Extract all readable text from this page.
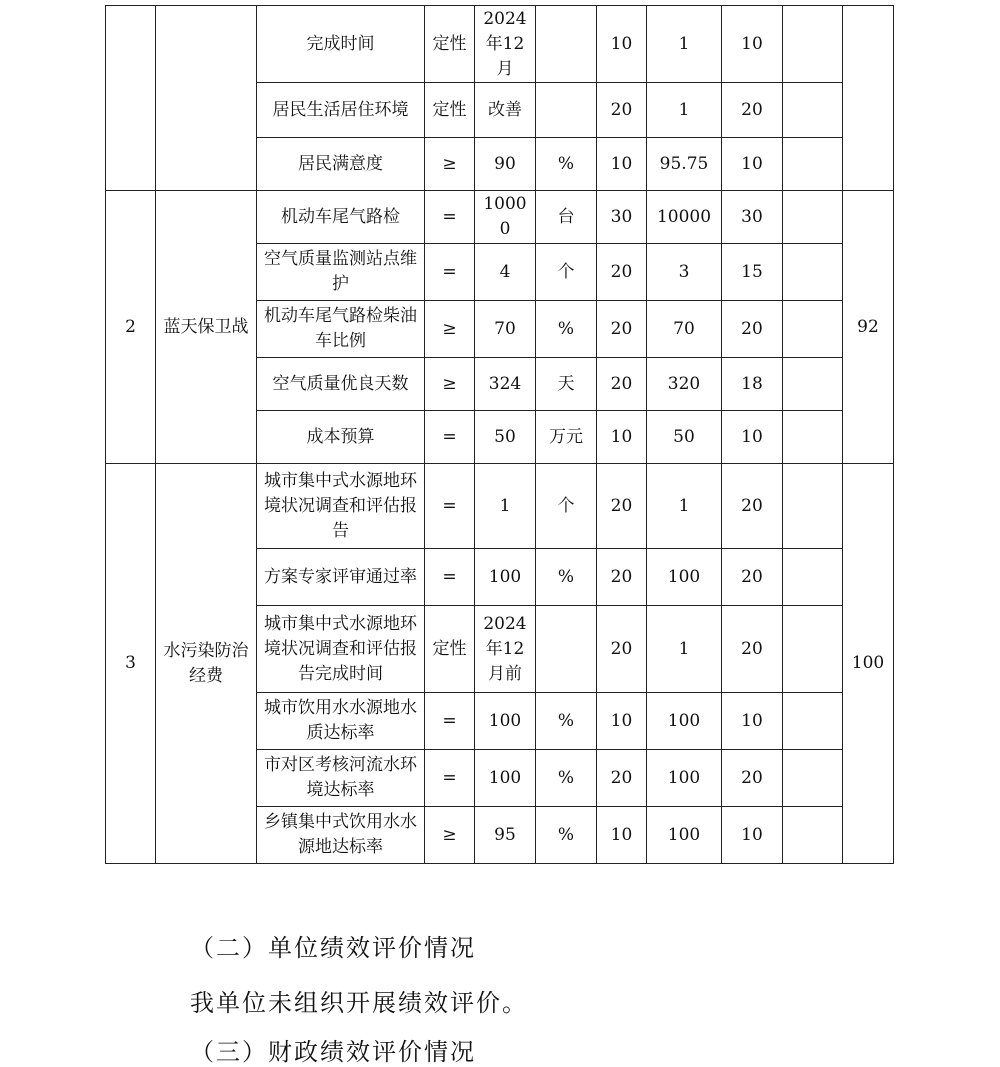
		完成时间	定性	2024年12月		10	1	10		
		居民生活居住环境	定性	改善		20	1	20		
		居民满意度	≥	90	%	10	95.75	10		
2	蓝天保卫战	机动车尾气路检	=	10000	台	30	10000	30		92
		空气质量监测站点维护	=	4	个	20	3	15		
		机动车尾气路检柴油车比例	≥	70	%	20	70	20		
		空气质量优良天数	≥	324	天	20	320	18		
		成本预算	=	50	万元	10	50	10		
3	水污染防治经费	城市集中式水源地环境状况调查和评估报告	=	1	个	20	1	20		100
		方案专家评审通过率	=	100	%	20	100	20		
		城市集中式水源地环境状况调查和评估报告完成时间	定性	2024年12月前		20	1	20		
		城市饮用水水源地水质达标率	=	100	%	10	100	10		
		市对区考核河流水环境达标率	=	100	%	20	100	20		
		乡镇集中式饮用水水源地达标率	≥	95	%	10	100	10		
（二）单位绩效评价情况
我单位未组织开展绩效评价。
（三）财政绩效评价情况
